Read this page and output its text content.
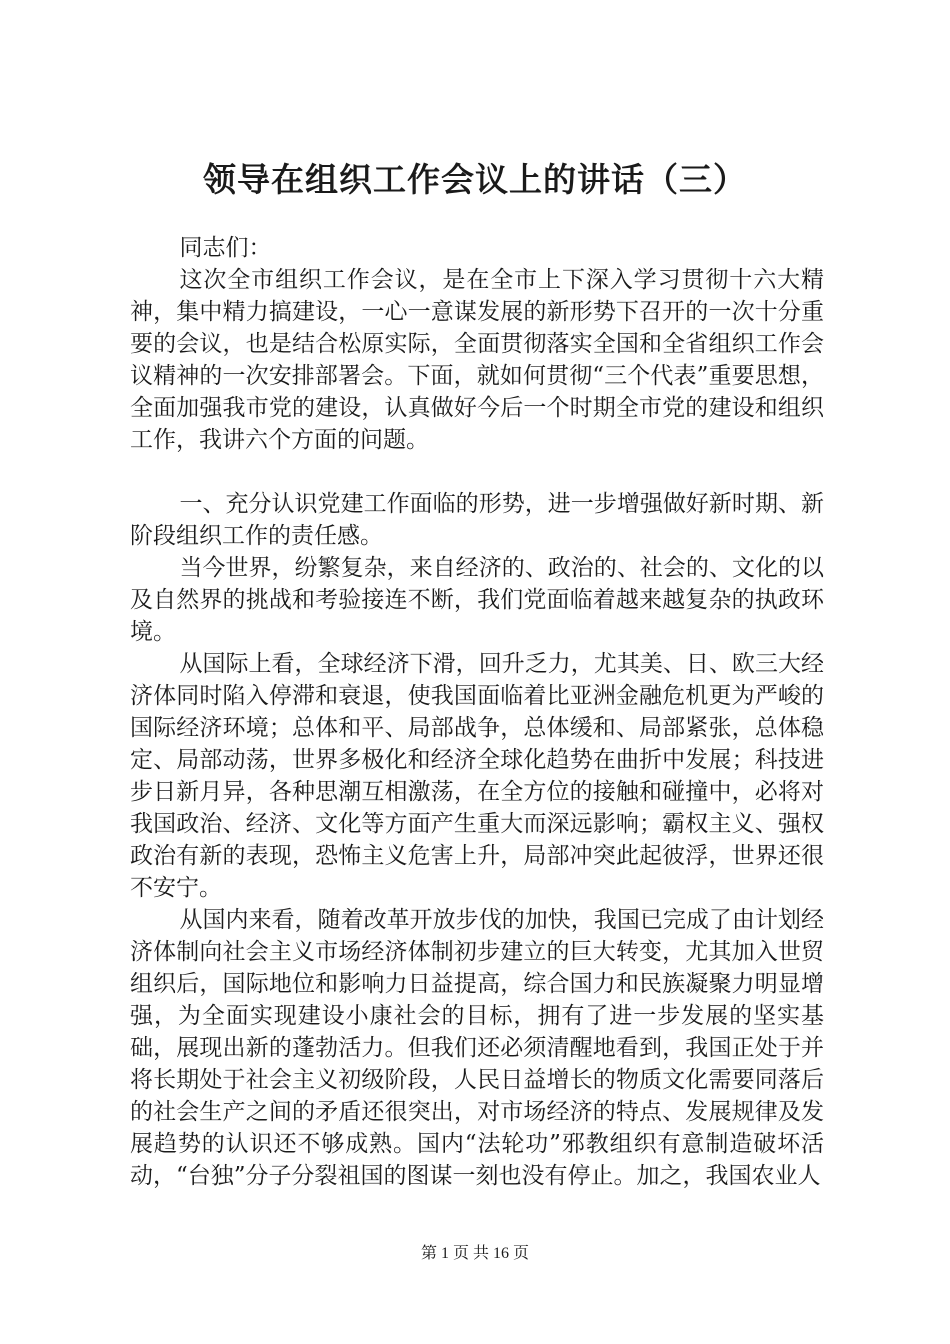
领导在组织工作会议上的讲话（三）

同志们：

这次全市组织工作会议，是在全市上下深入学习贯彻十六大精神，集中精力搞建设，一心一意谋发展的新形势下召开的一次十分重要的会议，也是结合松原实际，全面贯彻落实全国和全省组织工作会议精神的一次安排部署会。下面，就如何贯彻“三个代表”重要思想，全面加强我市党的建设，认真做好今后一个时期全市党的建设和组织工作，我讲六个方面的问题。

一、充分认识党建工作面临的形势，进一步增强做好新时期、新阶段组织工作的责任感。

当今世界，纷繁复杂，来自经济的、政治的、社会的、文化的以及自然界的挑战和考验接连不断，我们党面临着越来越复杂的执政环境。

从国际上看，全球经济下滑，回升乏力，尤其美、日、欧三大经济体同时陷入停滞和衰退，使我国面临着比亚洲金融危机更为严峻的国际经济环境；总体和平、局部战争，总体缓和、局部紧张，总体稳定、局部动荡，世界多极化和经济全球化趋势在曲折中发展；科技进步日新月异，各种思潮互相激荡，在全方位的接触和碰撞中，必将对我国政治、经济、文化等方面产生重大而深远影响；霸权主义、强权政治有新的表现，恐怖主义危害上升，局部冲突此起彼浮，世界还很不安宁。

从国内来看，随着改革开放步伐的加快，我国已完成了由计划经济体制向社会主义市场经济体制初步建立的巨大转变，尤其加入世贸组织后，国际地位和影响力日益提高，综合国力和民族凝聚力明显增强，为全面实现建设小康社会的目标，拥有了进一步发展的坚实基础，展现出新的蓬勃活力。但我们还必须清醒地看到，我国正处于并将长期处于社会主义初级阶段，人民日益增长的物质文化需要同落后的社会生产之间的矛盾还很突出，对市场经济的特点、发展规律及发展趋势的认识还不够成熟。国内“法轮功”邪教组织有意制造破坏活动，“台独”分子分裂祖国的图谋一刻也没有停止。加之，我国农业人

第 1 页 共 16 页
